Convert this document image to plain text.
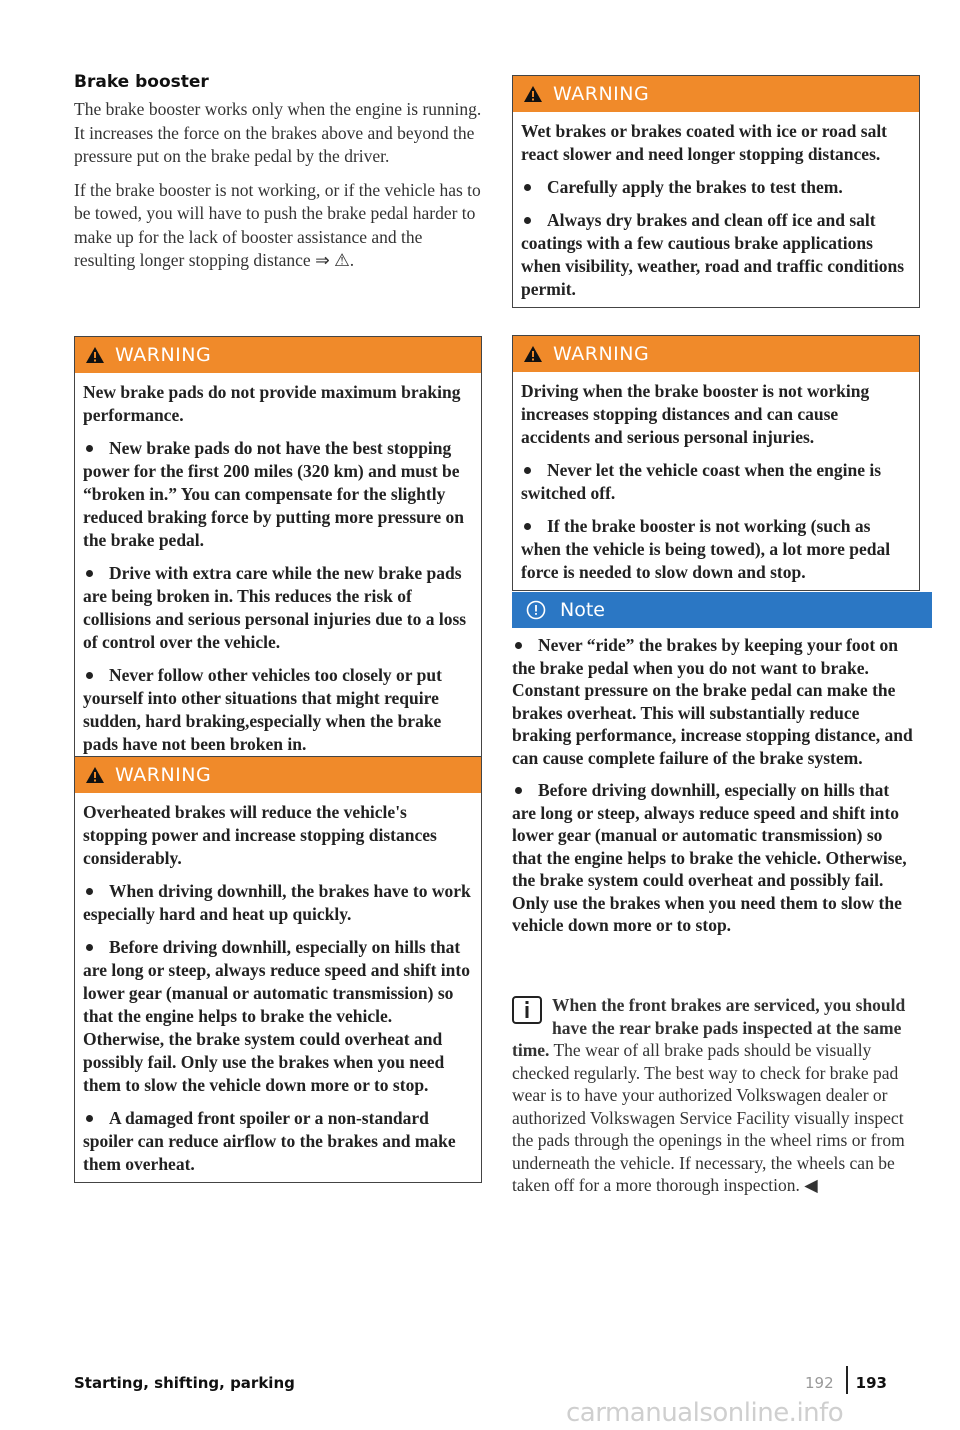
Brake booster

The brake booster works only when the engine is running. It increases the force on the brakes above and beyond the pressure put on the brake pedal by the driver.

If the brake booster is not working, or if the vehicle has to be towed, you will have to push the brake pedal harder to make up for the lack of booster assistance and the resulting longer stopping distance ⇒ ⚠.

WARNING

New brake pads do not provide maximum braking performance.

New brake pads do not have the best stopping power for the first 200 miles (320 km) and must be “broken in.” You can compensate for the slightly reduced braking force by putting more pressure on the brake pedal.
Drive with extra care while the new brake pads are being broken in. This reduces the risk of collisions and serious personal injuries due to a loss of control over the vehicle.
Never follow other vehicles too closely or put yourself into other situations that might require sudden, hard braking,especially when the brake pads have not been broken in.
WARNING

Overheated brakes will reduce the vehicle's stopping power and increase stopping distances considerably.

When driving downhill, the brakes have to work especially hard and heat up quickly.
Before driving downhill, especially on hills that are long or steep, always reduce speed and shift into lower gear (manual or automatic transmission) so that the engine helps to brake the vehicle. Otherwise, the brake system could overheat and possibly fail. Only use the brakes when you need them to slow the vehicle down more or to stop.
A damaged front spoiler or a non-standard spoiler can reduce airflow to the brakes and make them overheat.
WARNING

Wet brakes or brakes coated with ice or road salt react slower and need longer stopping distances.

Carefully apply the brakes to test them.
Always dry brakes and clean off ice and salt coatings with a few cautious brake applications when visibility, weather, road and traffic conditions permit.
WARNING

Driving when the brake booster is not working increases stopping distances and can cause accidents and serious personal injuries.

Never let the vehicle coast when the engine is switched off.
If the brake booster is not working (such as when the vehicle is being towed), a lot more pedal force is needed to slow down and stop.
Note
Never “ride” the brakes by keeping your foot on the brake pedal when you do not want to brake. Constant pressure on the brake pedal can make the brakes overheat. This will substantially reduce braking performance, increase stopping distance, and can cause complete failure of the brake system.
Before driving downhill, especially on hills that are long or steep, always reduce speed and shift into lower gear (manual or automatic transmission) so that the engine helps to brake the vehicle. Otherwise, the brake system could overheat and possibly fail. Only use the brakes when you need them to slow the vehicle down more or to stop.
When the front brakes are serviced, you should have the rear brake pads inspected at the same time. The wear of all brake pads should be visually checked regularly. The best way to check for brake pad wear is to have your authorized Volkswagen dealer or authorized Volkswagen Service Facility visually inspect the pads through the openings in the wheel rims or from underneath the vehicle. If necessary, the wheels can be taken off for a more thorough inspection. ◀
Starting, shifting, parking	192 193
carmanualsonline.info
